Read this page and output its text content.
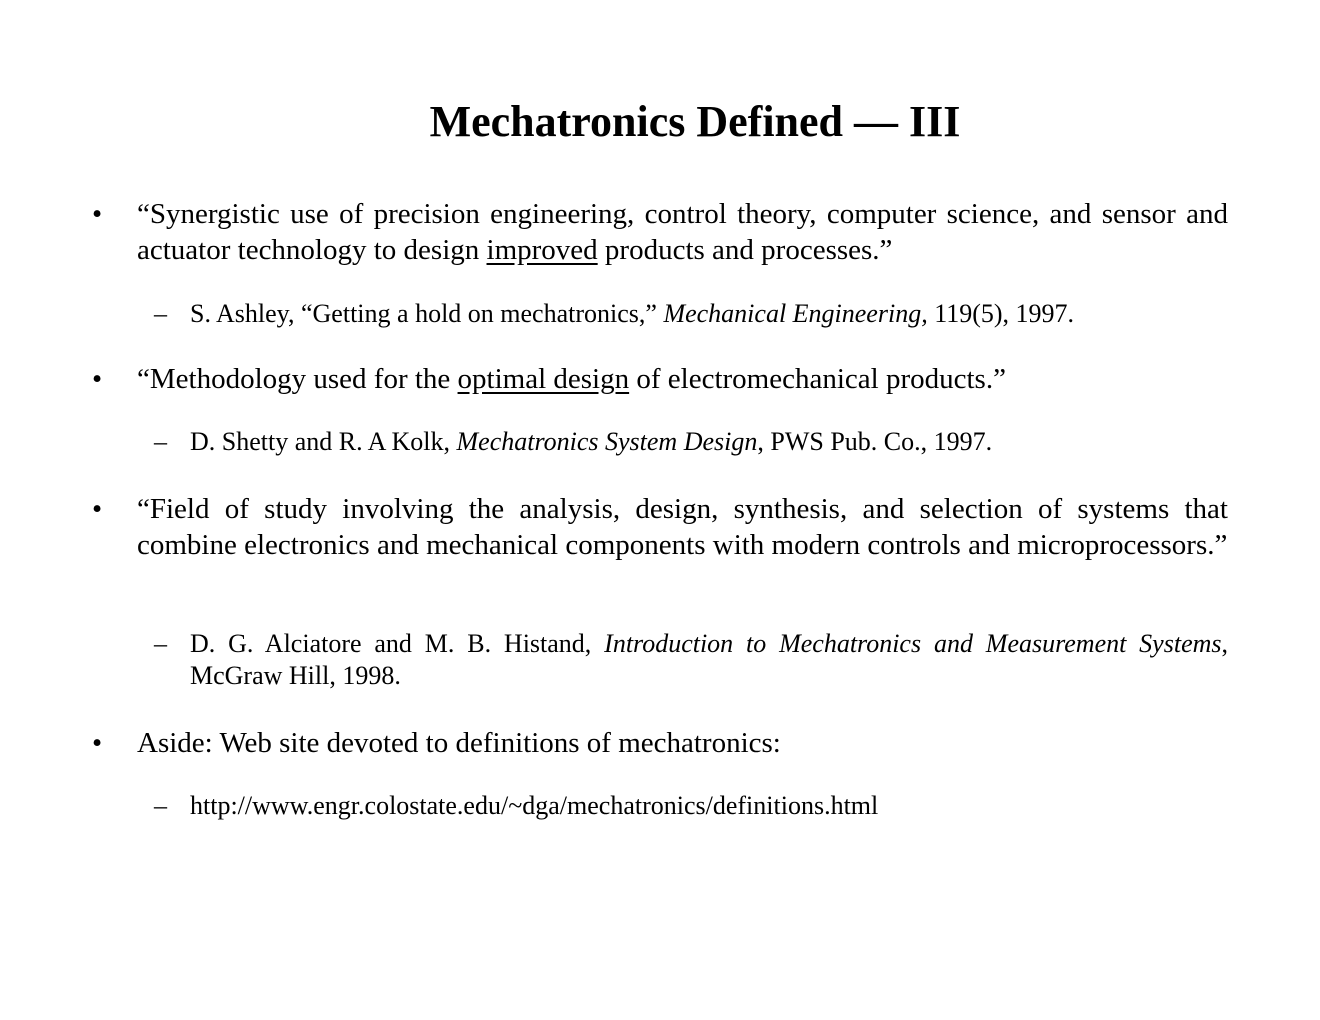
Mechatronics Defined — III
• “Synergistic use of precision engineering, control theory, computer science, and sensor and actuator technology to design improved products and processes.”
– S. Ashley, “Getting a hold on mechatronics,” Mechanical Engineering, 119(5), 1997.
• “Methodology used for the optimal design of electromechanical products.”
– D. Shetty and R. A Kolk, Mechatronics System Design, PWS Pub. Co., 1997.
• “Field of study involving the analysis, design, synthesis, and selection of systems that combine electronics and mechanical components with modern controls and microprocessors.”
– D. G. Alciatore and M. B. Histand, Introduction to Mechatronics and Measurement Systems, McGraw Hill, 1998.
• Aside: Web site devoted to definitions of mechatronics:
– http://www.engr.colostate.edu/~dga/mechatronics/definitions.html
